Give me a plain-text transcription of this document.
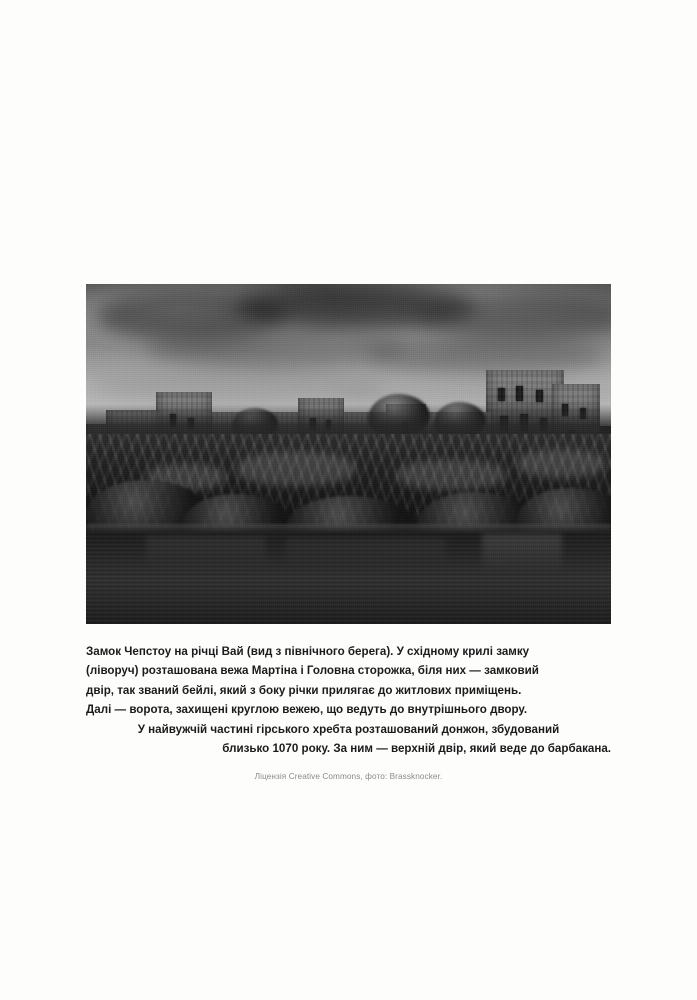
Замок Чепстоу на річці Вай (вид з північного берега). У східному крилі замку

(ліворуч) розташована вежа Мартіна і Головна сторожка, біля них — замковий

двір, так званий бейлі, який з боку річки прилягає до житлових приміщень.

Далі — ворота, захищені круглою вежею, що ведуть до внутрішнього двору.

У найвужчій частині гірського хребта розташований донжон, збудований

близько 1070 року. За ним — верхній двір, який веде до барбакана.

Ліцензія Creative Commons, фото: Brassknocker.
